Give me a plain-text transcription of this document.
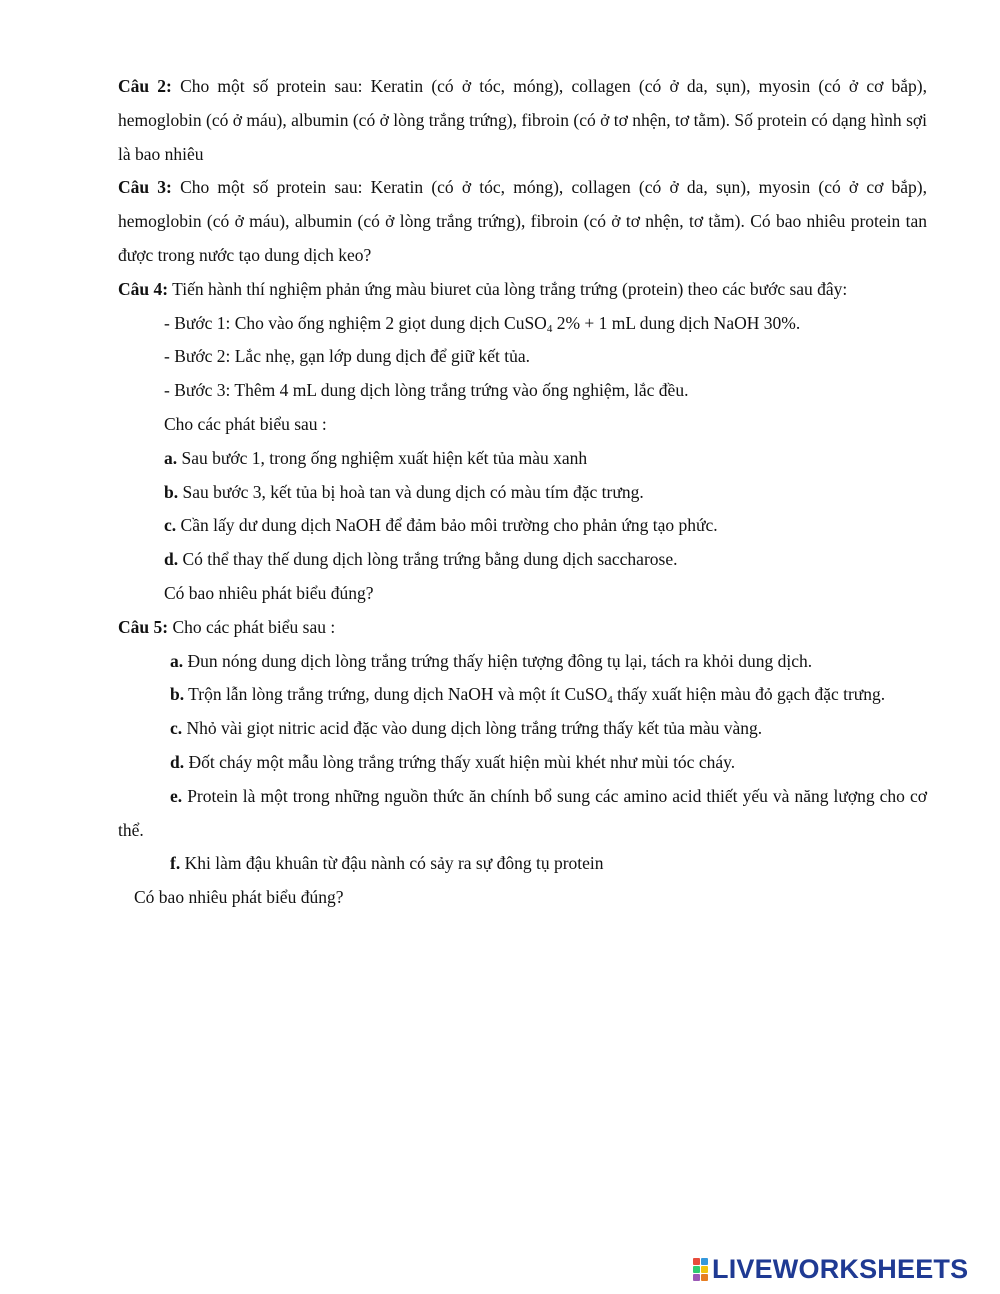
Câu 2: Cho một số protein sau: Keratin (có ở tóc, móng), collagen (có ở da, sụn), myosin (có ở cơ bắp), hemoglobin (có ở máu), albumin (có ở lòng trắng trứng), fibroin (có ở tơ nhện, tơ tằm). Số protein có dạng hình sợi là bao nhiêu

Câu 3: Cho một số protein sau: Keratin (có ở tóc, móng), collagen (có ở da, sụn), myosin (có ở cơ bắp), hemoglobin (có ở máu), albumin (có ở lòng trắng trứng), fibroin (có ở tơ nhện, tơ tằm). Có bao nhiêu protein tan được trong nước tạo dung dịch keo?

Câu 4: Tiến hành thí nghiệm phản ứng màu biuret của lòng trắng trứng (protein) theo các bước sau đây:

- Bước 1: Cho vào ống nghiệm 2 giọt dung dịch CuSO$_4$ 2% + 1 mL dung dịch NaOH 30%.

- Bước 2: Lắc nhẹ, gạn lớp dung dịch để giữ kết tủa.

- Bước 3: Thêm 4 mL dung dịch lòng trắng trứng vào ống nghiệm, lắc đều.

Cho các phát biểu sau :

a. Sau bước 1, trong ống nghiệm xuất hiện kết tủa màu xanh

b. Sau bước 3, kết tủa bị hoà tan và dung dịch có màu tím đặc trưng.

c. Cần lấy dư dung dịch NaOH để đảm bảo môi trường cho phản ứng tạo phức.

d. Có thể thay thế dung dịch lòng trắng trứng bằng dung dịch saccharose.

Có bao nhiêu phát biểu đúng?

Câu 5: Cho các phát biểu sau :

a. Đun nóng dung dịch lòng trắng trứng thấy hiện tượng đông tụ lại, tách ra khỏi dung dịch.

b. Trộn lẫn lòng trắng trứng, dung dịch NaOH và một ít CuSO$_4$ thấy xuất hiện màu đỏ gạch đặc trưng.

c. Nhỏ vài giọt nitric acid đặc vào dung dịch lòng trắng trứng thấy kết tủa màu vàng.

d. Đốt cháy một mẫu lòng trắng trứng thấy xuất hiện mùi khét như mùi tóc cháy.

e. Protein là một trong những nguồn thức ăn chính bổ sung các amino acid thiết yếu và năng lượng cho cơ thể.

f. Khi làm đậu khuân từ đậu nành có sảy ra sự đông tụ protein

Có bao nhiêu phát biểu đúng?

LIVEWORKSHEETS
